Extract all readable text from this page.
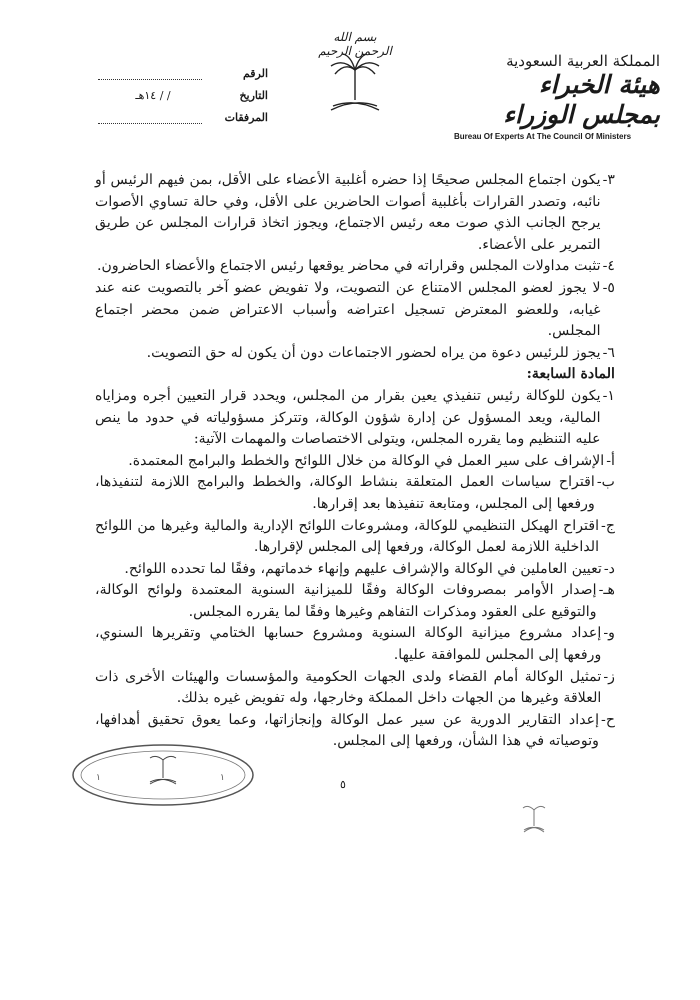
بسم الله الرحمن الرحيم
المملكة العربية السعودية
هيئة الخبراء بمجلس الوزراء
Bureau Of Experts At The Council Of Ministers
الرقم
التاريخ
/ / ١٤هـ
المرفقات
٣-
يكون اجتماع المجلس صحيحًا إذا حضره أغلبية الأعضاء على الأقل، بمن فيهم الرئيس أو نائبه، وتصدر القرارات بأغلبية أصوات الحاضرين على الأقل، وفي حالة تساوي الأصوات يرجح الجانب الذي صوت معه رئيس الاجتماع، ويجوز اتخاذ قرارات المجلس عن طريق التمرير على الأعضاء.
٤-
تثبت مداولات المجلس وقراراته في محاضر يوقعها رئيس الاجتماع والأعضاء الحاضرون.
٥-
لا يجوز لعضو المجلس الامتناع عن التصويت، ولا تفويض عضو آخر بالتصويت عنه عند غيابه، وللعضو المعترض تسجيل اعتراضه وأسباب الاعتراض ضمن محضر اجتماع المجلس.
٦-
يجوز للرئيس دعوة من يراه لحضور الاجتماعات دون أن يكون له حق التصويت.
المادة السابعة:
١-
يكون للوكالة رئيس تنفيذي يعين بقرار من المجلس، ويحدد قرار التعيين أجره ومزاياه المالية، ويعد المسؤول عن إدارة شؤون الوكالة، وتتركز مسؤولياته في حدود ما ينص عليه التنظيم وما يقرره المجلس، ويتولى الاختصاصات والمهمات الآتية:
أ-
الإشراف على سير العمل في الوكالة من خلال اللوائح والخطط والبرامج المعتمدة.
ب-
اقتراح سياسات العمل المتعلقة بنشاط الوكالة، والخطط والبرامج اللازمة لتنفيذها، ورفعها إلى المجلس، ومتابعة تنفيذها بعد إقرارها.
ج-
اقتراح الهيكل التنظيمي للوكالة، ومشروعات اللوائح الإدارية والمالية وغيرها من اللوائح الداخلية اللازمة لعمل الوكالة، ورفعها إلى المجلس لإقرارها.
د-
تعيين العاملين في الوكالة والإشراف عليهم وإنهاء خدماتهم، وفقًا لما تحدده اللوائح.
هـ-
إصدار الأوامر بمصروفات الوكالة وفقًا للميزانية السنوية المعتمدة ولوائح الوكالة، والتوقيع على العقود ومذكرات التفاهم وغيرها وفقًا لما يقرره المجلس.
و-
إعداد مشروع ميزانية الوكالة السنوية ومشروع حسابها الختامي وتقريرها السنوي، ورفعها إلى المجلس للموافقة عليها.
ز-
تمثيل الوكالة أمام القضاء ولدى الجهات الحكومية والمؤسسات والهيئات الأخرى ذات العلاقة وغيرها من الجهات داخل المملكة وخارجها، وله تفويض غيره بذلك.
ح-
إعداد التقارير الدورية عن سير عمل الوكالة وإنجازاتها، وعما يعوق تحقيق أهدافها، وتوصياته في هذا الشأن، ورفعها إلى المجلس.
٥
١	١
